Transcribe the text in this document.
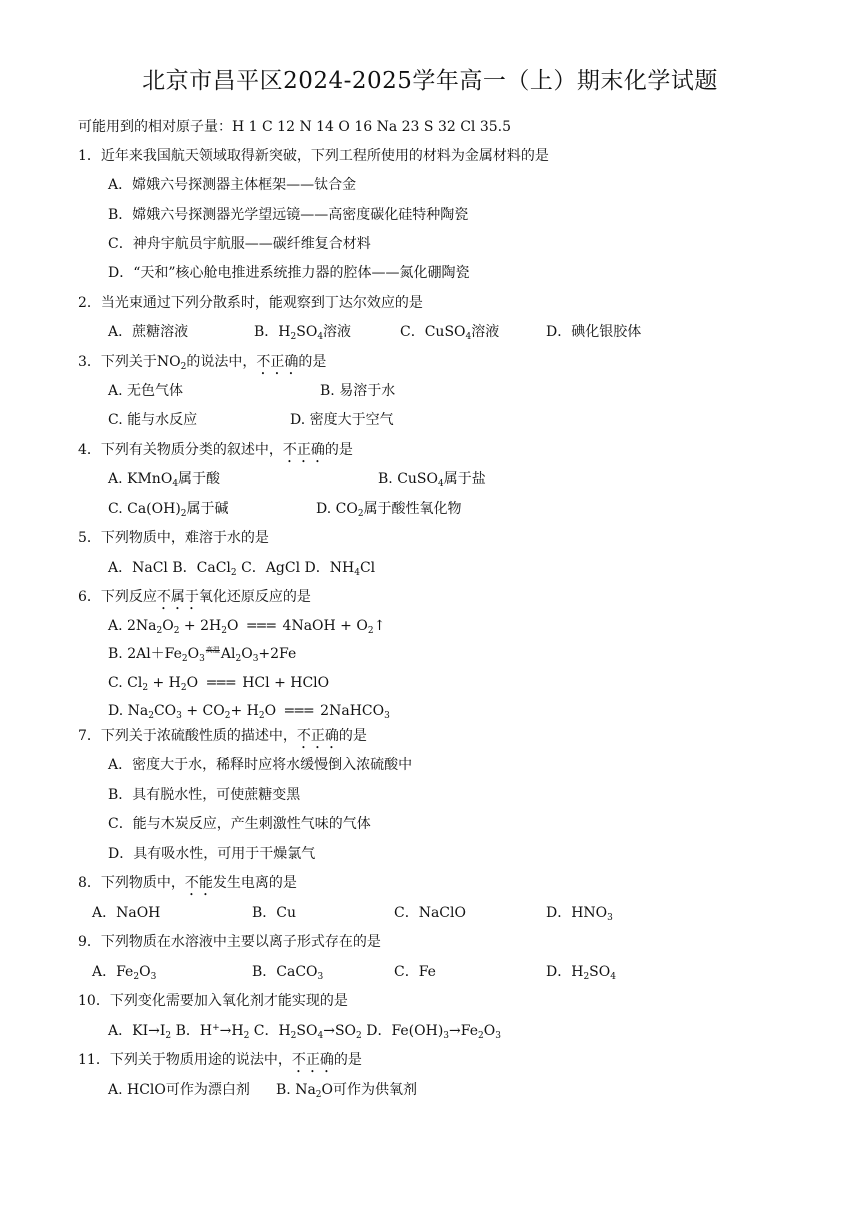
北京市昌平区2024-2025学年高一（上）期末化学试题
可能用到的相对原子量：H 1 C 12 N 14 O 16 Na 23 S 32 Cl 35.5
1．近年来我国航天领域取得新突破，下列工程所使用的材料为金属材料的是
A．嫦娥六号探测器主体框架——钛合金
B．嫦娥六号探测器光学望远镜——高密度碳化硅特种陶瓷
C．神舟宇航员宇航服——碳纤维复合材料
D．“天和”核心舱电推进系统推力器的腔体——氮化硼陶瓷
2．当光束通过下列分散系时，能观察到丁达尔效应的是
A．蔗糖溶液	B．$H_2SO_4$溶液	C．CuSO$_4$溶液	D．碘化银胶体
3．下列关于$NO_2$的说法中，不正确的是
A. 无色气体	B. 易溶于水
C. 能与水反应	D. 密度大于空气
4．下列有关物质分类的叙述中，不正确的是
A. KMnO$_4$属于酸	B. CuSO$_4$属于盐
C. $Ca(OH)_2$属于碱	D. $CO_2$属于酸性氧化物
5．下列物质中，难溶于水的是
A．NaCl B．CaCl$_2$ C．AgCl D．$NH_4Cl$
6．下列反应不属于氧化还原反应的是
A. $2Na_2O_2 + 2H_2O$ === 4NaOH + $O_2↑$
B. $2Al+Fe_2O_3^{高温}Al_2O_3+2Fe$
C. $Cl_2 + H_2O$ === HCl + HClO
D. $Na_2CO_3 + CO_2+ H_2O$ === 2NaHCO$_3$
7．下列关于浓硫酸性质的描述中，不正确的是
A．密度大于水，稀释时应将水缓慢倒入浓硫酸中
B．具有脱水性，可使蔗糖变黑
C．能与木炭反应，产生刺激性气味的气体
D．具有吸水性，可用于干燥氯气
8．下列物质中，不能发生电离的是
A．NaOH	B．Cu	C．NaClO	D．$HNO_3$
9．下列物质在水溶液中主要以离子形式存在的是
A．$Fe_2O_3$	B．CaCO$_3$	C．Fe	D．$H_2SO_4$
10．下列变化需要加入氧化剂才能实现的是
A．$KI\to I_2$ B．$H^+\to H_2$ C．$H_2SO_4\to SO_2$ D．$Fe(OH)_3\to Fe_2O_3$
11．下列关于物质用途的说法中，不正确的是
A. HClO可作为漂白剂 B. $Na_2O$可作为供氧剂
